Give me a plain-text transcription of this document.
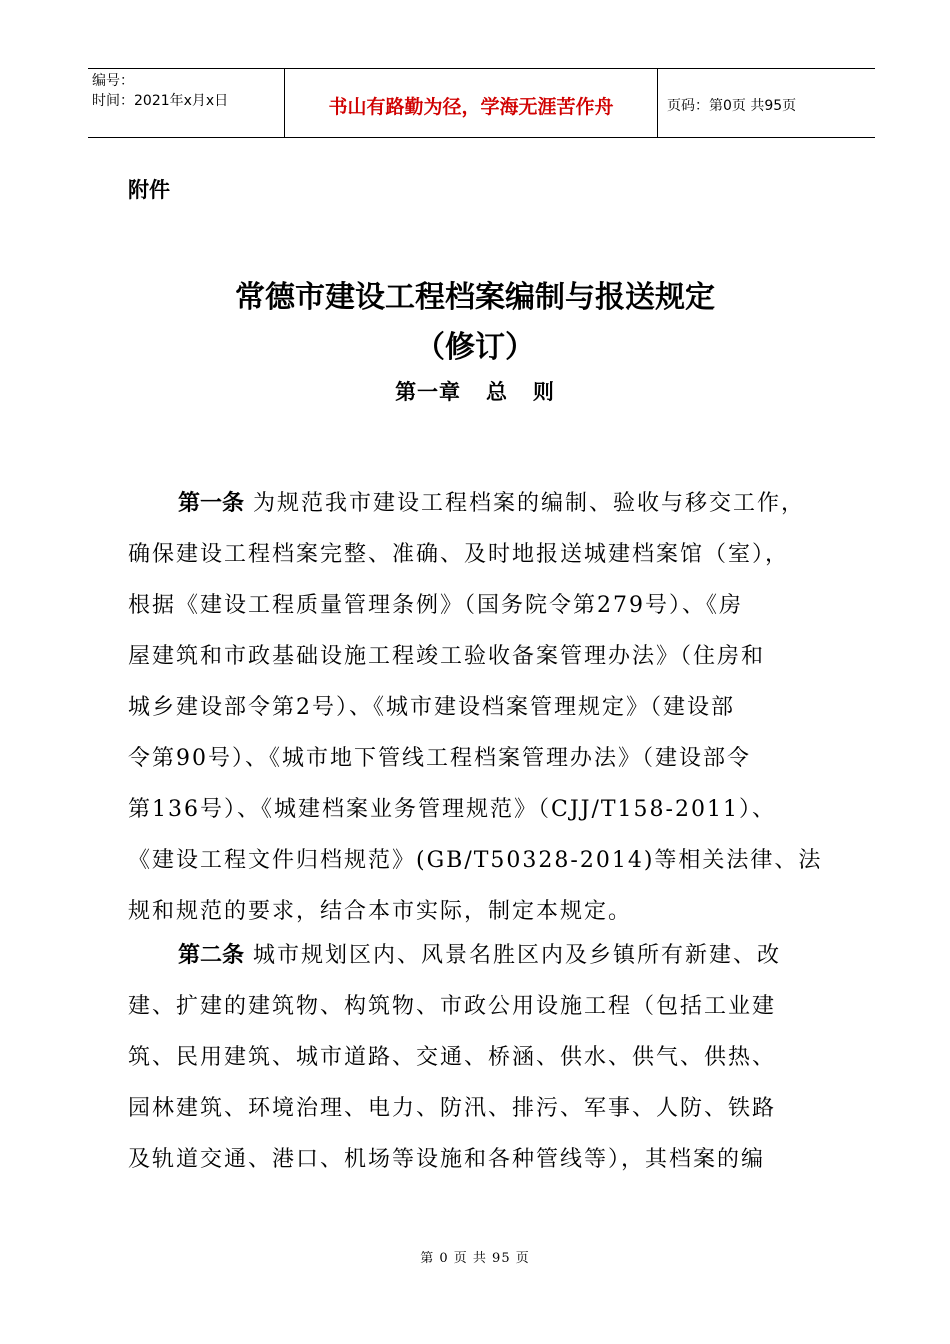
编号：
时间：2021年x月x日	书山有路勤为径，学海无涯苦作舟	页码：第0页 共95页
附件
常德市建设工程档案编制与报送规定
（修订）
第一章   总   则
第一条 为规范我市建设工程档案的编制、验收与移交工作，
确保建设工程档案完整、准确、及时地报送城建档案馆（室），
根据《建设工程质量管理条例》（国务院令第279号）、《房
屋建筑和市政基础设施工程竣工验收备案管理办法》（住房和
城乡建设部令第2号）、《城市建设档案管理规定》（建设部
令第90号）、《城市地下管线工程档案管理办法》（建设部令
第136号）、《城建档案业务管理规范》（CJJ/T158-2011）、
《建设工程文件归档规范》(GB/T50328-2014)等相关法律、法
规和规范的要求，结合本市实际，制定本规定。
第二条 城市规划区内、风景名胜区内及乡镇所有新建、改
建、扩建的建筑物、构筑物、市政公用设施工程（包括工业建
筑、民用建筑、城市道路、交通、桥涵、供水、供气、供热、
园林建筑、环境治理、电力、防汛、排污、军事、人防、铁路
及轨道交通、港口、机场等设施和各种管线等），其档案的编
第 0 页 共 95 页
